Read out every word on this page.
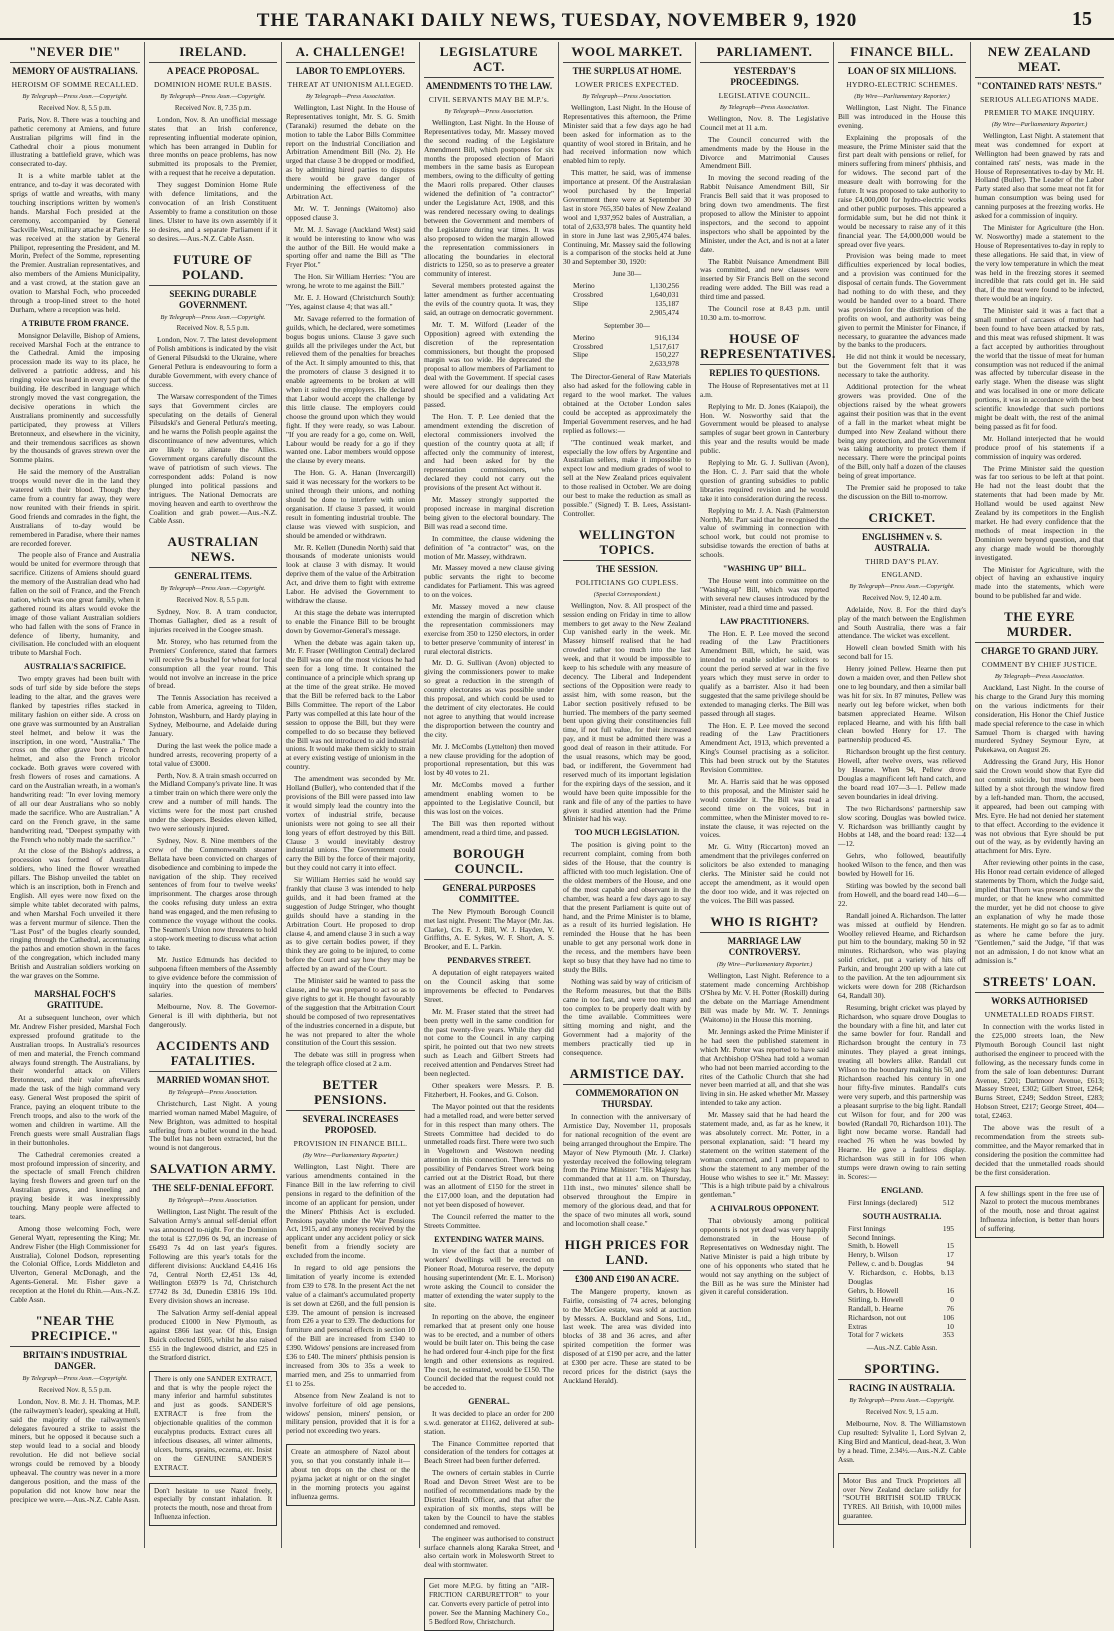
THE TARANAKI DAILY NEWS, TUESDAY, NOVEMBER 9, 1920	15
"NEVER DIE"
MEMORY OF AUSTRALIANS.
HEROISM OF SOMME RECALLED.
By Telegraph—Press Assn.—Copyright.
Received Nov. 8, 5.5 p.m.

Paris, Nov. 8. There was a touching and pathetic ceremony at Amiens, and future Australian pilgrims will find in the Cathedral choir a pious monument illustrating a battlefield grave, which was consecrated to-day.

It is a white marble tablet at the entrance, and to-day it was decorated with sprigs of wattle and wreaths, with many touching inscriptions written by women's hands. Marshal Foch presided at the ceremony, accompanied by General Sackville West, military attache at Paris. He was received at the station by General Philipot, representing the President, and M. Morin, Prefect of the Somme, representing the Premier. Australian representatives, and also members of the Amiens Municipality, and a vast crowd, at the station gave an ovation to Marshal Foch, who proceeded through a troop-lined street to the hotel Durham, where a reception was held.

A TRIBUTE FROM FRANCE.

Monsignor Delaville, Bishop of Amiens, received Marshal Foch at the entrance to the Cathedral. Amid the imposing procession made its way to its place, he delivered a patriotic address, and his ringing voice was heard in every part of the building. He described in language which strongly moved the vast congregation, the decisive operations in which the Australians prominently and successfully participated, they prowess at Villers Bretonneux, and elsewhere in the vicinity, and their tremendous sacrifices as shown by the thousands of graves strewn over the Somme plains.

He said the memory of the Australian troops would never die in the land they watered with their blood. Though they came from a country far away, they were now reunited with their friends in spirit. Good friends and comrades in the fight, the Australians of to-day would be remembered in Paradise, where their names are recorded forever.

The people also of France and Australia would be united for evermore through that sacrifice. Citizens of Amiens should guard the memory of the Australian dead who had fallen on the soil of France, and the French nation, which was one great family, when it gathered round its altars would evoke the image of those valiant Australian soldiers who had fallen with the sons of France in defence of liberty, humanity, and civilisation. He concluded with an eloquent tribute to Marshal Foch.

AUSTRALIA'S SACRIFICE.

Two empty graves had been built with sods of turf side by side before the steps leading to the altar, and the graves were flanked by tapestries rifles stacked in military fashion on either side. A cross on one grave was surmounted by an Australian steel helmet, and below it was the inscription, in one word, "Australia." The cross on the other grave bore a French helmet, and also the French tricolor cockade. Both graves were covered with fresh flowers of roses and carnations. A card on the Australian wreath, in a woman's handwriting read: "In ever loving memory of all our dear Australians who so nobly made the sacrifice. Who are Australian." A card on the French grave, in the same handwriting read, "Deepest sympathy with the French who nobly made the sacrifice."

At the close of the Bishop's address, a procession was formed of Australian soldiers, who lined the flower wreathed pillars. The Bishop unveiled the tablet on which is an inscription, both in French and English. All eyes were now fixed on the simple white tablet decorated with palms, and when Marshal Foch unveiled it there was a fervent murmur of silence. Then the "Last Post" of the bugles clearly sounded, ringing through the Cathedral, accentuating the pathos and emotion shown in the faces of the congregation, which included many British and Australian soldiers working on the war graves on the Somme.

MARSHAL FOCH'S GRATITUDE.

At a subsequent luncheon, over which Mr. Andrew Fisher presided, Marshal Foch expressed profound gratitude to the Australian troops. In Australia's resources of men and material, the French command always found strength. The Australians, by their wonderful attack on Villers Bretonneux, and their valor afterwards made the task of the high command very easy. General West proposed the spirit of France, paying an eloquent tribute to the French troops, and also to the work of the women and children in wartime. All the French guests were small Australian flags in their buttonholes.

The Cathedral ceremonies created a most profound impression of sincerity, and the spectacle of small French children laying fresh flowers and green turf on the Australian graves, and kneeling and praying beside it was inexpressibly touching. Many people were affected to tears.

Among those welcoming Foch, were General Wyatt, representing the King; Mr. Andrew Fisher (the High Commissioner for Australia), Colonel Dodson, representing the Colonial Office, Lords Middleton and Ulverton, General McDonagh, and the Agents-General. Mr. Fisher gave a reception at the Hotel du Rhin.—Aus.-N.Z. Cable Assn.

"NEAR THE PRECIPICE."
BRITAIN'S INDUSTRIAL DANGER.
By Telegraph—Press Assn.—Copyright.
Received Nov. 8, 5.5 p.m.

London, Nov. 8. Mr. J. H. Thomas, M.P. (the railwaymen's leader), speaking at Hull, said the majority of the railwaymen's delegates favoured a strike to assist the miners, but he opposed it because such a step would lead to a social and bloody revolution. He did not believe social wrongs could be removed by a bloody upheaval. The country was never in a more dangerous position, and the mass of the population did not know how near the precipice we were.—Aus.-N.Z. Cable Assn.

IRELAND.
A PEACE PROPOSAL.
DOMINION HOME RULE BASIS.
By Telegraph—Press Assn.—Copyright.
Received Nov. 8, 7.35 p.m.

London, Nov. 8. An unofficial message states that an Irish conference, representing influential moderate opinion, which has been arranged in Dublin for three months on peace problems, has now submitted its proposals to the Premier, with a request that he receive a deputation.

They suggest Dominion Home Rule with defence limitations, and the convocation of an Irish Constituent Assembly to frame a constitution on those lines. Ulster to have its own assembly if it so desires, and a separate Parliament if it so desires.—Aus.-N.Z. Cable Assn.

FUTURE OF POLAND.
SEEKING DURABLE GOVERNMENT.
By Telegraph—Press Assn.—Copyright.
Received Nov. 8, 5.5 p.m.

London, Nov. 7. The latest development of Polish ambitions is indicated by the visit of General Pilsudski to the Ukraine, where General Petlura is endeavouring to form a durable Government, with every chance of success.

The Warsaw correspondent of the Times says that Government circles are speculating on the details of General Pilsudski's and General Petlura's meeting, and he warns the Polish people against the discontinuance of new adventures, which are likely to alienate the Allies. Government organs carefully discount the wave of patriotism of such views. The correspondent adds: Poland is now plunged into political passions and intrigues. The National Democrats are moving heaven and earth to overthrow the Coalition and grab power.—Aus.-N.Z. Cable Assn.

AUSTRALIAN NEWS.
GENERAL ITEMS.
By Telegraph—Press Assn.—Copyright.
Received Nov. 8, 5.5 p.m.

Sydney, Nov. 8. A tram conductor, Thomas Gallagher, died as a result of injuries received in the Coogee smash.

Mr. Storey, who has returned from the Premiers' Conference, stated that farmers will receive 9s a bushel for wheat for local consumption all the year round. This would not involve an increase in the price of bread.

The Tennis Association has received a cable from America, agreeing to Tilden, Johnston, Washburn, and Hardy playing in Sydney, Melbourne, and Adelaide during January.

During the last week the police made a hundred arrests, recovering property of a total value of £3000.

Perth, Nov. 8. A train smash occurred on the Midland Company's private line. It was a timber train on which there were only the crew and a number of mill hands. The victims were for the most part crushed under the sleepers. Besides eleven killed, two were seriously injured.

Sydney, Nov. 8. Nine members of the crew of the Commonwealth steamer Bellata have been convicted on charges of disobedience and combining to impede the navigation of the ship. They received sentences of from four to twelve weeks' imprisonment. The charges arose through the cooks refusing duty unless an extra hand was engaged, and the men refusing to commence the voyage without the cooks. The Seamen's Union now threatens to hold a stop-work meeting to discuss what action to take.

Mr. Justice Edmunds has decided to subpoena fifteen members of the Assembly to give evidence before the commission of inquiry into the question of members' salaries.

Melbourne, Nov. 8. The Governor-General is ill with diphtheria, but not dangerously.

ACCIDENTS AND FATALITIES.
MARRIED WOMAN SHOT.
By Telegraph—Press Association.

Christchurch, Last Night. A young married woman named Mabel Maguire, of New Brighton, was admitted to hospital suffering from a bullet wound in the head. The bullet has not been extracted, but the wound is not dangerous.

SALVATION ARMY.
THE SELF-DENIAL EFFORT.
By Telegraph—Press Association.

Wellington, Last Night. The result of the Salvation Army's annual self-denial effort was announced to-night. For the Dominion the total is £27,096 0s 9d, an increase of £6493 7s 4d on last year's figures. Following are this year's totals for the different divisions: Auckland £4,416 16s 7d, Central North £2,451 13s 4d, Wellington £6979 1s 7d, Christchurch £7742 8s 3d, Dunedin £3816 19s 10d. Every division shows an increase.

The Salvation Army self-denial appeal produced £1000 in New Plymouth, as against £866 last year. Of this, Ensign Buick collected £605, whilst he also raised £55 in the Inglewood district, and £25 in the Stratford district.

There is only one SANDER EXTRACT, and that is why the people reject the many inferior and harmful substitutes and just as goods. SANDER'S EXTRACT is free from the objectionable qualities of the common eucalyptus products. Extract cures all infectious diseases, all winter ailments, ulcers, burns, sprains, eczema, etc. Insist on the GENUINE SANDER'S EXTRACT.
Don't hesitate to use Nazol freely, especially by constant inhalation. It protects the mouth, nose and throat from Influenza infection.
A. CHALLENGE!
LABOR TO EMPLOYERS.
THREAT AT UNIONISM ALLEGED.
By Telegraph—Press Association.

Wellington, Last Night. In the House of Representatives tonight, Mr. S. G. Smith (Taranaki) resumed the debate on the motion to table the Labor Bills Committee report on the Industrial Conciliation and Arbitration Amendment Bill (No. 2). He urged that clause 3 be dropped or modified, as by admitting hired parties to disputes there would be grave danger of undermining the effectiveness of the Arbitration Act.

Mr. W. T. Jennings (Waitomo) also opposed clause 3.

Mr. M. J. Savage (Auckland West) said it would be interesting to know who was the author of the Bill. He would make a sporting offer and name the Bill as "The Fryer Plot."

The Hon. Sir William Herries: "You are wrong, he wrote to me against the Bill."

Mr. E. J. Howard (Christchurch South): "Yes, against clause 4; that was all."

Mr. Savage referred to the formation of guilds, which, he declared, were sometimes bogus bogus unions. Clause 3 gave such guilds all the privileges under the Act, but relieved them of the penalties for breaches of the Act. It simply amounted to this, that the promoters of clause 3 designed it to enable agreements to be broken at will when it suited the employers. He declared that Labor would accept the challenge by this little clause. The employers could choose the ground upon which they would fight. If they were ready, so was Labour. "If you are ready for a go, come on. Well, Labour would be ready for a go if they wanted one. Labor members would oppose the clause by every means.

The Hon. G. A. Hanan (Invercargill) said it was necessary for the workers to be united through their unions, and nothing should be done to interfere with union organisation. If clause 3 passed, it would result in fomenting industrial trouble. The clause was viewed with suspicion, and should be amended or withdrawn.

Mr. R. Kellett (Dunedin North) said that thousands of moderate unionists would look at clause 3 with dismay. It would deprive them of the value of the Arbitration Act, and drive them to fight with extreme Labor. He advised the Government to withdraw the clause.

At this stage the debate was interrupted to enable the Finance Bill to be brought down by Governor-General's message.

When the debate was again taken up, Mr. F. Fraser (Wellington Central) declared the Bill was one of the most vicious he had seen for a long time. It contained the continuance of a principle which sprang up at the time of the great strike. He moved that the Bill be referred back to the Labor Bills Committee. The report of the Labor Party was compelled at this late hour of the session to oppose the Bill, but they were compelled to do so because they believed the Bill was not introduced to aid industrial unions. It would make them sickly to strain at every existing vestige of unionism in the country.

The amendment was seconded by Mr. Holland (Buller), who contended that if the provisions of the Bill were passed into law it would simply lead the country into the vortex of industrial strife, because unionists were not going to see all their long years of effort destroyed by this Bill. Clause 3 would inevitably destroy industrial unions. The Government could carry the Bill by the force of their majority, but they could not carry it into effect.

Sir William Herries said he would say frankly that clause 3 was intended to help guilds, and it had been framed at the suggestion of Judge Stringer, who thought guilds should have a standing in the Arbitration Court. He proposed to drop clause 4, and amend clause 3 in such a way as to give certain bodies power, if they think they are going to be injured, to come before the Court and say how they may be affected by an award of the Court.

The Minister said he wanted to pass the clause, and he was prepared to act so as to give rights to get it. He thought favourably of the suggestion that the Arbitration Court should be composed of two representatives of the industries concerned in a dispute, but he was not prepared to alter the whole constitution of the Court this session.

The debate was still in progress when the telegraph office closed at 2 a.m.

BETTER PENSIONS.
SEVERAL INCREASES PROPOSED.
PROVISION IN FINANCE BILL.
(By Wire—Parliamentary Reporter.)

Wellington, Last Night. There are various amendments contained in the Finance Bill in the law referring to civil pensions in regard to the definition of the income of an applicant for pension, under the Miners' Phthisis Act is excluded. Pensions payable under the War Pensions Act, 1915, and any moneys received by the applicant under any accident policy or sick benefit from a friendly society are excluded from the income.

In regard to old age pensions the limitation of yearly income is extended from £39 to £78. In the present Act the net value of a claimant's accumulated property is set down at £260, and the full pension is £39. The amount of pension is increased from £26 a year to £39. The deductions for furniture and personal effects in section 10 of the Bill are increased from £340 to £390. Widows' pensions are increased from £36 to £40. The miners' phthisis pension is increased from 30s to 35s a week to married men, and 25s to unmarried from £1 to 25s.

Absence from New Zealand is not to involve forfeiture of old age pensions, widows' pension, miners' pension, or military pension, provided that it is for a period not exceeding two years.

Create an atmosphere of Nazol about you, so that you constantly inhale it—about ten drops on the chest or the pyjama jacket at night or on the singlet in the morning protects you against influenza germs.
LEGISLATURE ACT.
AMENDMENTS TO THE LAW.
CIVIL SERVANTS MAY BE M.P.'s.
By Telegraph—Press Association.

Wellington, Last Night. In the House of Representatives today, Mr. Massey moved the second reading of the Legislature Amendment Bill, which postpones for six months the proposed election of Maori members in the same basis as European members, owing to the difficulty of getting the Maori rolls prepared. Other clauses widened the definition of "a contractor" under the Legislature Act, 1908, and this was rendered necessary owing to dealings between the Government and members of the Legislature during war times. It was also proposed to widen the margin allowed the representation commissioners in allocating the boundaries in electoral districts to 1250, so as to preserve a greater community of interest.

Several members protested against the latter amendment as further accentuating the evils of the country quota. It was, they said, an outrage on democratic government.

Mr. T. M. Wilford (Leader of the Opposition) agreed with extending the discretion of the representation commissioners, but thought the proposed margin was too wide. He deprecated the proposal to allow members of Parliament to deal with the Government. If special cases were allowed for our dealings then they should be specified and a validating Act passed.

The Hon. T. P. Lee denied that the amendment extending the discretion of electoral commissioners involved the question of the country quota at all; if affected only the community of interest, and had been asked for by the representation commissioners, who declared they could not carry out the provisions of the present Act without it.

Mr. Massey strongly supported the proposed increase in marginal discretion being given to the electoral boundary. The Bill was read a second time.

In committee, the clause widening the definition of "a contractor" was, on the motion of Mr. Massey, withdrawn.

Mr. Massey moved a new clause giving public servants the right to become candidates for Parliament. This was agreed to on the voices.

Mr. Massey moved a new clause extending the margin of discretion which the representation commissioners may exercise from 350 to 1250 electors, in order to better preserve 'community of interest' in rural electoral districts.

Mr. D. G. Sullivan (Avon) objected to giving the commissioners power to make so great a reduction in the strength of country electorates as was possible under this proposal, and which could be used to the detriment of city electorates. He could not agree to anything that would increase the disproportion between the country and the city.

Mr. J. McCombs (Lyttelton) then moved a new clause providing for the adoption of proportional representation, but this was lost by 40 votes to 21.

Mr. McCombs moved a further amendment enabling women to be appointed to the Legislative Council, but this was lost on the voices.

The Bill was then reported without amendment, read a third time, and passed.

BOROUGH COUNCIL.
GENERAL PURPOSES COMMITTEE.

The New Plymouth Borough Council met last night. Present: The Mayor (Mr. Jas. Clarke), Crs. F. J. Bill, W. J. Hayden, V. Griffiths, A. E. Sykes, W. F. Short, A. S. Brooker, and E. L. Parkin.

PENDARVES STREET.

A deputation of eight ratepayers waited on the Council asking that some improvements be effected to Pendarves Street.

Mr. M. Fraser stated that the street had been pretty well in the same condition for the past twenty-five years. While they did not come to the Council in any carping spirit, he pointed out that two new streets such as Leach and Gilbert Streets had received attention and Pendarves Street had been neglected.

Other speakers were Messrs. P. B. Fitzherbert, H. Fookes, and G. Colson.

The Mayor pointed out that the residents had a metalled road, and were better served for in this respect than many others. The Streets Committee had decided to do unmetalled roads first. There were two such in Vogeltown and Westown needing attention in this connection. There was no possibility of Pendarves Street work being carried out at the District Road, but there was an allotment of £150 for the street in the £17,000 loan, and the deputation had not yet been disposed of however.

The Council referred the matter to the Streets Committee.

EXTENDING WATER MAINS.

In view of the fact that a number of workers' dwellings will be erected on Pioneer Road, Moturoa reserve, the deputy housing superintendent (Mr. E. L. Morison) wrote asking the Council to consider the matter of extending the water supply to the site.

In reporting on the above, the engineer remarked that at present only one house was to be erected, and a number of others would be built later on. This being the case he had ordered four 4-inch pipe for the first length and other extensions as required. The cost, he estimated, would be £150. The Council decided that the request could not be acceded to.

GENERAL.

It was decided to place an order for 200 s.w.d. generator at £1162, delivered at sub-station.

The Finance Committee reported that consideration of the tenders for cottages at Beach Street had been further deferred.

The owners of certain stables in Currie Road and Devon Street West are to be notified of recommendations made by the District Health Officer, and that after the expiration of six months, steps will be taken by the Council to have the stables condemned and removed.

The engineer was authorised to construct surface channels along Karaka Street, and also certain work in Molesworth Street to deal with stormwater.

Get more M.P.G. by fitting an "AIR-FRICTION CARBURETTOR" to your car. Converts every particle of petrol into power. See the Manning Machinery Co., 5 Bedford Row, Christchurch.
WOOL MARKET.
THE SURPLUS AT HOME.
LOWER PRICES EXPECTED.
By Telegraph—Press Association.

Wellington, Last Night. In the House of Representatives this afternoon, the Prime Minister said that a few days ago he had been asked for information as to the quantity of wool stored in Britain, and he had received information now which enabled him to reply.

This matter, he said, was of immense importance at present. Of the Australasian wool purchased by the Imperial Government there were at September 30 last in store 765,350 bales of New Zealand wool and 1,937,952 bales of Australian, a total of 2,633,978 bales. The quantity held in store in June last was 2,905,474 bales. Continuing, Mr. Massey said the following is a comparison of the stocks held at June 30 and September 30, 1920:

June 30—
Merino	1,130,256
Crossbred	1,640,031
Slipe	135,187
2,905,474
September 30—
Merino	916,134
Crossbred	1,517,617
Slipe	150,227
2,633,978

The Director-General of Raw Materials also had asked for the following cable in regard to the wool market. The values obtained at the October London sales could be accepted as approximately the Imperial Government reserves, and he had replied as follows:—

"The continued weak market, and especially the low offers by Argentine and Australian sellers, make it impossible to expect low and medium grades of wool to sell at the New Zealand prices equivalent to those realised in October. We are doing our best to make the reduction as small as possible." (Signed) T. B. Lees, Assistant-Controller.

WELLINGTON TOPICS.
THE SESSION.
POLITICIANS GO CUPLESS.
(Special Correspondent.)

Wellington, Nov. 8. All prospect of the session ending on Friday in time to allow members to get away to the New Zealand Cup vanished early in the week. Mr. Massey himself realised that he had crowded rather too much into the last week, and that it would be impossible to keep to his schedule with any measure of decency. The Liberal and Independent sections of the Opposition were ready to assist him, with some reason, but the Labor section positively refused to be hurried. The members of the party seemed bent upon giving their constituencies full time, if not full value, for their increased pay, and it must be admitted there was a good deal of reason in their attitude. For the usual reasons, which may be good, bad, or indifferent, the Government had reserved much of its important legislation for the expiring days of the session, and it would have been quite impossible for the rank and file of any of the parties to have given it studied attention had the Prime Minister had his way.

TOO MUCH LEGISLATION.

The position is giving point to the recurrent complaint, coming from both sides of the House, that the country is afflicted with too much legislation. One of the oldest members of the House, and one of the most capable and observant in the chamber, was heard a few days ago to say that the present Parliament is quite out of hand, and the Prime Minister is to blame, as a result of its hurried legislation. He reminded the House that he has been unable to get any personal work done in the recess, and the members have been kept so busy that they have had no time to study the Bills.

Nothing was said by way of criticism of the Reform measures, but that the Bills came in too fast, and were too many and too complex to be properly dealt with by the time available. Committees were sitting morning and night, and the Government had a majority of the members practically tied up in consequence.

ARMISTICE DAY.
COMMEMORATION ON THURSDAY.

In connection with the anniversary of Armistice Day, November 11, proposals for national recognition of the event are being arranged throughout the Empire. The Mayor of New Plymouth (Mr. J. Clarke) yesterday received the following telegram from the Prime Minister: "His Majesty has commanded that at 11 a.m. on Thursday, 11th inst., two minutes' silence shall be observed throughout the Empire in memory of the glorious dead, and that for the space of two minutes all work, sound and locomotion shall cease."

HIGH PRICES FOR LAND.
£300 AND £190 AN ACRE.

The Mangere property, known as Fairlie, consisting of 74 acres, belonging to the McGee estate, was sold at auction by Messrs. A. Buckland and Sons, Ltd., last week. The area was divided into blocks of 38 and 36 acres, and after spirited competition the former was disposed of at £190 per acre, and the latter at £300 per acre. These are stated to be record prices for the district (says the Auckland Herald).

PARLIAMENT.
YESTERDAY'S PROCEEDINGS.
LEGISLATIVE COUNCIL.
By Telegraph—Press Association.

Wellington, Nov. 8. The Legislative Council met at 11 a.m.

The Council concurred with the amendments made by the House in the Divorce and Matrimonial Causes Amendment Bill.

In moving the second reading of the Rabbit Nuisance Amendment Bill, Sir Francis Bell said that it was proposed to bring down two amendments. The first proposed to allow the Minister to appoint inspectors, and the second to appoint inspectors who shall be appointed by the Minister, under the Act, and is not at a later date.

The Rabbit Nuisance Amendment Bill was committed, and new clauses were inserted by Sir Francis Bell on the second reading were added. The Bill was read a third time and passed.

The Council rose at 8.43 p.m. until 10.30 a.m. to-morrow.

HOUSE OF REPRESENTATIVES.
REPLIES TO QUESTIONS.

The House of Representatives met at 11 a.m.

Replying to Mr. D. Jones (Kaiapoi), the Hon. W. Nosworthy said that the Government would be pleased to analyse samples of sugar beet grown in Canterbury this year and the results would be made public.

Replying to Mr. G. J. Sullivan (Avon), the Hon. C. J. Parr said that the whole question of granting subsidies to public libraries required revision and he would take it into consideration during the recess.

Replying to Mr. J. A. Nash (Palmerston North), Mr. Parr said that he recognised the value of swimming in connection with school work, but could not promise to subsidise towards the erection of baths at schools.

"WASHING UP" BILL.

The House went into committee on the "Washing-up" Bill, which was reported with several new clauses introduced by the Minister, read a third time and passed.

LAW PRACTITIONERS.

The Hon. E. P. Lee moved the second reading of the Law Practitioners Amendment Bill, which, he said, was intended to enable soldier solicitors to count the period served at war in the five years which they must serve in order to qualify as a barrister. Also it had been suggested that the same privilege should be extended to managing clerks. The Bill was passed through all stages.

The Hon. E. P. Lee moved the second reading of the Law Practitioners Amendment Act, 1913, which prevented a King's Counsel practising as a solicitor. This had been struck out by the Statutes Revision Committee.

Mr. A. Harris said that he was opposed to this proposal, and the Minister said he would consider it. The Bill was read a second time on the voices, but in committee, when the Minister moved to re-instate the clause, it was rejected on the voices.

Mr. G. Witty (Riccarton) moved an amendment that the privileges conferred on solicitors be also extended to managing clerks. The Minister said he could not accept the amendment, as it would open the door too wide, and it was rejected on the voices. The Bill was passed.

WHO IS RIGHT?
MARRIAGE LAW CONTROVERSY.
(By Wire—Parliamentary Reporter.)

Wellington, Last Night. Reference to a statement made concerning Archbishop O'Shea by Mr. V. H. Potter (Roskill) during the debate on the Marriage Amendment Bill was made by Mr. W. T. Jennings (Waitomo) in the House this morning.

Mr. Jennings asked the Prime Minister if he had seen the published statement in which Mr. Potter was reported to have said that Archbishop O'Shea had told a woman who had not been married according to the rites of the Catholic Church that she had never been married at all, and that she was living in sin. He asked whether Mr. Massey intended to take any action.

Mr. Massey said that he had heard the statement made, and, as far as he knew, it was absolutely correct. Mr. Potter, in a personal explanation, said: "I heard my statement on the written statement of the woman concerned, and I am prepared to show the statement to any member of the House who wishes to see it." Mr. Massey: "This is a high tribute paid by a chivalrous gentleman."

A CHIVALROUS OPPONENT.

That obviously among political opponents is not yet dead was very happily demonstrated in the House of Representatives on Wednesday night. The Native Minister is paid a high tribute by one of his opponents who stated that he would not say anything on the subject of the Bill as he was sure the Minister had given it careful consideration.

FINANCE BILL.
LOAN OF SIX MILLIONS.
HYDRO-ELECTRIC SCHEMES.
(By Wire—Parliamentary Reporter.)

Wellington, Last Night. The Finance Bill was introduced in the House this evening.

Explaining the proposals of the measure, the Prime Minister said that the first part dealt with pensions or relief, for miners suffering from miners' phthisis, and for widows. The second part of the measure dealt with borrowing for the future. It was proposed to take authority to raise £4,000,000 for hydro-electric works and other public purposes. This appeared a formidable sum, but he did not think it would be necessary to raise any of it this financial year. The £4,000,000 would be spread over five years.

Provision was being made to meet difficulties experienced by local bodies, and a provision was continued for the disposal of certain funds. The Government had nothing to do with these, and they would be handed over to a board. There was provision for the distribution of the profits on wool, and authority was being given to permit the Minister for Finance, if necessary, to guarantee the advances made by the banks to the producers.

He did not think it would be necessary, but the Government felt that it was necessary to take the authority.

Additional protection for the wheat growers was provided. One of the objections raised by the wheat growers against their position was that in the event of a fall in the market wheat might be dumped into New Zealand without there being any protection, and the Government was taking authority to protect them if necessary. There were the principal points of the Bill, only half a dozen of the clauses being of great importance.

The Premier said he proposed to take the discussion on the Bill to-morrow.

CRICKET.
ENGLISHMEN v. S. AUSTRALIA.
THIRD DAY'S PLAY.
ENGLAND.
By Telegraph—Press Assn.—Copyright.
Received Nov. 9, 12.40 a.m.

Adelaide, Nov. 8. For the third day's play of the match between the Englishmen and South Australia, there was a fair attendance. The wicket was excellent.

Howell clean bowled Smith with his second ball for 15.

Henry joined Pellew. Hearne then put down a maiden over, and then Pellew shot one to leg boundary, and then a similar ball was hit for six. In 87 minutes, Pellew was nearly out leg before wicket, when both batsmen appreciated Hearne. Wilson replaced Hearne, and with his fifth ball clean bowled Henry for 17. The partnership produced 45.

Richardson brought up the first century. Howell, after twelve overs, was relieved by Hearne. When 94, Pellew drove Douglas a magnificent left hand catch, and the board read 107—3—1. Pellew made seven boundaries in ideal driving.

The two Richardsons' partnership saw slow scoring. Douglas was bowled twice. V. Richardson was brilliantly caught by Hobbs at 148, and the board read: 132—4—12.

Gehrs, who followed, beautifully hooked Wilson to the fence, and then was bowled by Howell for 16.

Stirling was bowled by the second ball from Howell, and the board read 140—6—22.

Randall joined A. Richardson. The latter was missed at outfield by Hendren. Woolley relieved Hearne, and Richardson put him to the boundary, making 50 in 92 minutes. Richardson, who was playing solid cricket, put a variety of hits off Parkin, and brought 200 up with a late cut to the pavilion. At the ten adjournment six wickets were down for 208 (Richardson 64, Randall 30).

Resuming, bright cricket was played by Richardson, who square drove Douglas to the boundary with a fine hit, and later cut the same bowler for four. Randall and Richardson brought the century in 73 minutes. They played a great innings, treating all bowlers alike. Randall cut Wilson to the boundary making his 50, and Richardson reached his century in one hour fifty-five minutes. Randall's cuts were very superb, and this partnership was a pleasant surprise to the big light. Randall cut Wilson for four, and for 200 was bowled (Randall 70, Richardson 101). The light now became worse. Randall had reached 76 when he was bowled by Hearne. He gave a faultless display. Richardson was still in for 106 when stumps were drawn owing to rain setting in. Scores:—

ENGLAND.
First Innings (declared)	512
SOUTH AUSTRALIA.
First Innings	195
Second Innings.
Smith, b. Howell	15
Henry, b. Wilson	17
Pellew, c. and b. Douglas	94
V. Richardson, c. Hobbs, b. Douglas
13
Gehrs, b. Howell	16
Stirling, b. Howell	0
Randall, b. Hearne	76
Richardson, not out	106
Extras	10
Total for 7 wickets	353
—Aus.-N.Z. Cable Assn.
SPORTING.
RACING IN AUSTRALIA.
By Telegraph—Press Assn.—Copyright.
Received Nov. 9, 1.5 a.m.

Melbourne, Nov. 8. The Williamstown Cup resulted: Sylvalite 1, Lord Sylvan 2, King Bird and Manticul, dead-heat, 3. Won by a head. Time, 2.34½.—Aus.-N.Z. Cable Assn.

Motor Bus and Truck Proprietors all over New Zealand declare solidly for "SOUTH BRITISH SOLID TRUCK TYRES. All British, with 10,000 miles guarantee.
NEW ZEALAND MEAT.
"CONTAINED RATS' NESTS."
SERIOUS ALLEGATIONS MADE.
PREMIER TO MAKE INQUIRY.
(By Wire—Parliamentary Reporter.)

Wellington, Last Night. A statement that meat was condemned for export at Wellington had been gnawed by rats and contained rats' nests, was made in the House of Representatives to-day by Mr. H. Holland (Buller). The Leader of the Labor Party stated also that some meat not fit for human consumption was being used for canning purposes at the freezing works. He asked for a commission of inquiry.

The Minister for Agriculture (the Hon. W. Nosworthy) made a statement to the House of Representatives to-day in reply to these allegations. He said that, in view of the very low temperature in which the meat was held in the freezing stores it seemed incredible that rats could get in. He said that, if the meat were found to be infected, there would be an inquiry.

The Minister said it was a fact that a small number of carcases of mutton had been found to have been attacked by rats, and this meat was refused shipment. It was a fact accepted by authorities throughout the world that the tissue of meat for human consumption was not reduced if the animal was affected by tubercular disease in the early stage. When the disease was slight and was localised in one or more delicate portions, it was in accordance with the best scientific knowledge that such portions might be dealt with, the rest of the animal being passed as fit for food.

Mr. Holland interjected that he would produce proof of his statements if a commission of inquiry was ordered.

The Prime Minister said the question was far too serious to be left at that point. He had not the least doubt that the statements that had been made by Mr. Holland would be used against New Zealand by its competitors in the English market. He had every confidence that the methods of meat inspection in the Dominion were beyond question, and that any charge made would be thoroughly investigated.

The Minister for Agriculture, with the object of having an exhaustive inquiry made into the statements, which were bound to be published far and wide.

THE EYRE MURDER.
CHARGE TO GRAND JURY.
COMMENT BY CHIEF JUSTICE.
By Telegraph—Press Association.

Auckland, Last Night. In the course of his charge to the Grand Jury this morning on the various indictments for their consideration, His Honor the Chief Justice made special reference to the case in which Samuel Thorn is charged with having murdered Sydney Seymour Eyre, at Pukekawa, on August 26.

Addressing the Grand Jury, His Honor said the Crown would show that Eyre did not commit suicide, but must have been killed by a shot through the window fired by a left-handed man. Thorn, the accused, it appeared, had been out camping with Mrs. Eyre. He had not denied her statement to that effect. According to the evidence it was not obvious that Eyre should be put out of the way, as by evidently having an attachment for Mrs. Eyre.

After reviewing other points in the case, His Honor read certain evidence of alleged statements by Thorn, which the Judge said, implied that Thorn was present and saw the murder, or that he knew who committed the murder, yet he did not choose to give an explanation of why he made those statements. He might go so far as to admit as where he came before the jury. "Gentlemen," said the Judge, "if that was not an admission, I do not know what an admission is."

STREETS' LOAN.
WORKS AUTHORISED
UNMETALLED ROADS FIRST.

In connection with the works listed in the £25,000 streets loan, the New Plymouth Borough Council last night authorised the engineer to proceed with the following, as the necessary funds come in from the sale of loan debentures: Durrant Avenue, £201; Dartmoor Avenue, £613; Massey Street, £302; Gilbert Street, £264; Burns Street, £249; Seddon Street, £283; Hobson Street, £217; George Street, 404—total, £2463.

The above was the result of a recommendation from the streets sub-committee, and the Mayor remarked that in considering the position the committee had decided that the unmetalled roads should be the first consideration.

A few shillings spent in the free use of Nazol to protect the mucous membranes of the mouth, nose and throat against Influenza infection, is better than hours of suffering.
